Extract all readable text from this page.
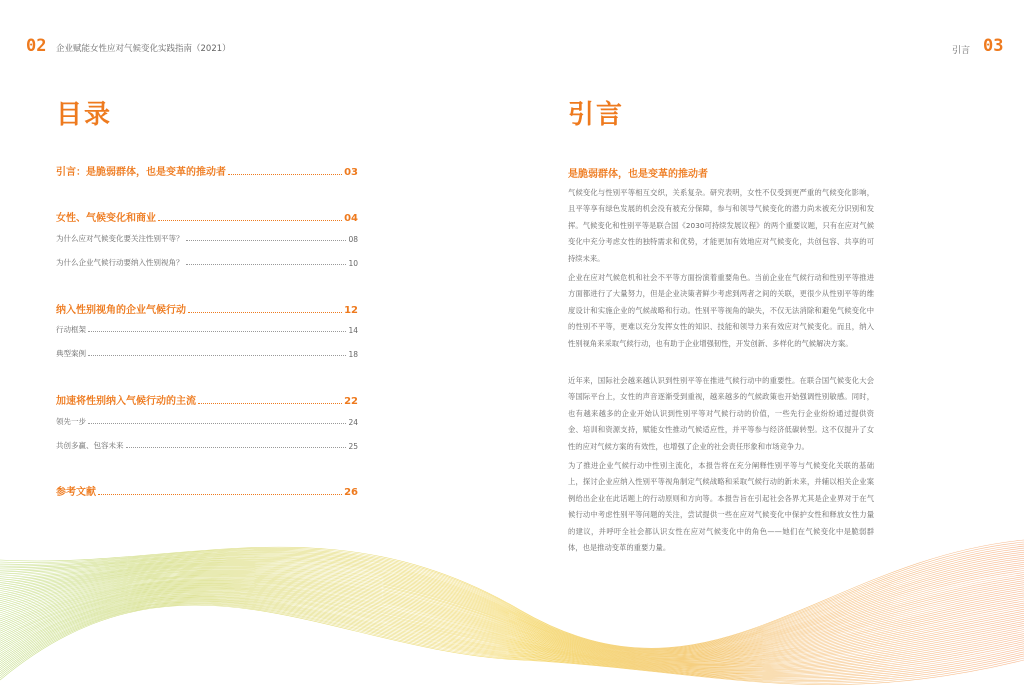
02 企业赋能女性应对气候变化实践指南（2021）	引言 03
目录
引言：是脆弱群体，也是变革的推动者	03
女性、气候变化和商业	04
为什么应对气候变化要关注性别平等？	08
为什么企业气候行动要纳入性别视角？	10
纳入性别视角的企业气候行动	12
行动框架	14
典型案例	18
加速将性别纳入气候行动的主流	22
领先一步	24
共创多赢、包容未来	25
参考文献	26
引言
是脆弱群体，也是变革的推动者
气候变化与性别平等相互交织，关系复杂。研究表明，女性不仅受到更严重的气候变化影响，且平等享有绿色发展的机会没有被充分保障，参与和领导气候变化的潜力尚未被充分识别和发挥。气候变化和性别平等是联合国《2030可持续发展议程》的两个重要议题，只有在应对气候变化中充分考虑女性的独特需求和优势，才能更加有效地应对气候变化，共创包容、共享的可持续未来。
企业在应对气候危机和社会不平等方面扮演着重要角色。当前企业在气候行动和性别平等推进方面都进行了大量努力，但是企业决策者鲜少考虑到两者之间的关联，更很少从性别平等的维度设计和实施企业的气候战略和行动。性别平等视角的缺失，不仅无法消除和避免气候变化中的性别不平等，更难以充分发挥女性的知识、技能和领导力来有效应对气候变化。而且，纳入性别视角来采取气候行动，也有助于企业增强韧性，开发创新、多样化的气候解决方案。
近年来，国际社会越来越认识到性别平等在推进气候行动中的重要性。在联合国气候变化大会等国际平台上，女性的声音逐渐受到重视，越来越多的气候政策也开始强调性别敏感。同时，也有越来越多的企业开始认识到性别平等对气候行动的价值，一些先行企业纷纷通过提供资金、培训和资源支持，赋能女性推动气候适应性，并平等参与经济低碳转型。这不仅提升了女性的应对气候方案的有效性，也增强了企业的社会责任形象和市场竞争力。
为了推进企业气候行动中性别主流化，本报告将在充分阐释性别平等与气候变化关联的基础上，探讨企业应纳入性别平等视角制定气候战略和采取气候行动的新未来，并辅以相关企业案例给出企业在此话题上的行动原则和方向等。本报告旨在引起社会各界尤其是企业界对于在气候行动中考虑性别平等问题的关注，尝试提供一些在应对气候变化中保护女性和释放女性力量的建议，并呼吁全社会都认识女性在应对气候变化中的角色——她们在气候变化中是脆弱群体，也是推动变革的重要力量。
